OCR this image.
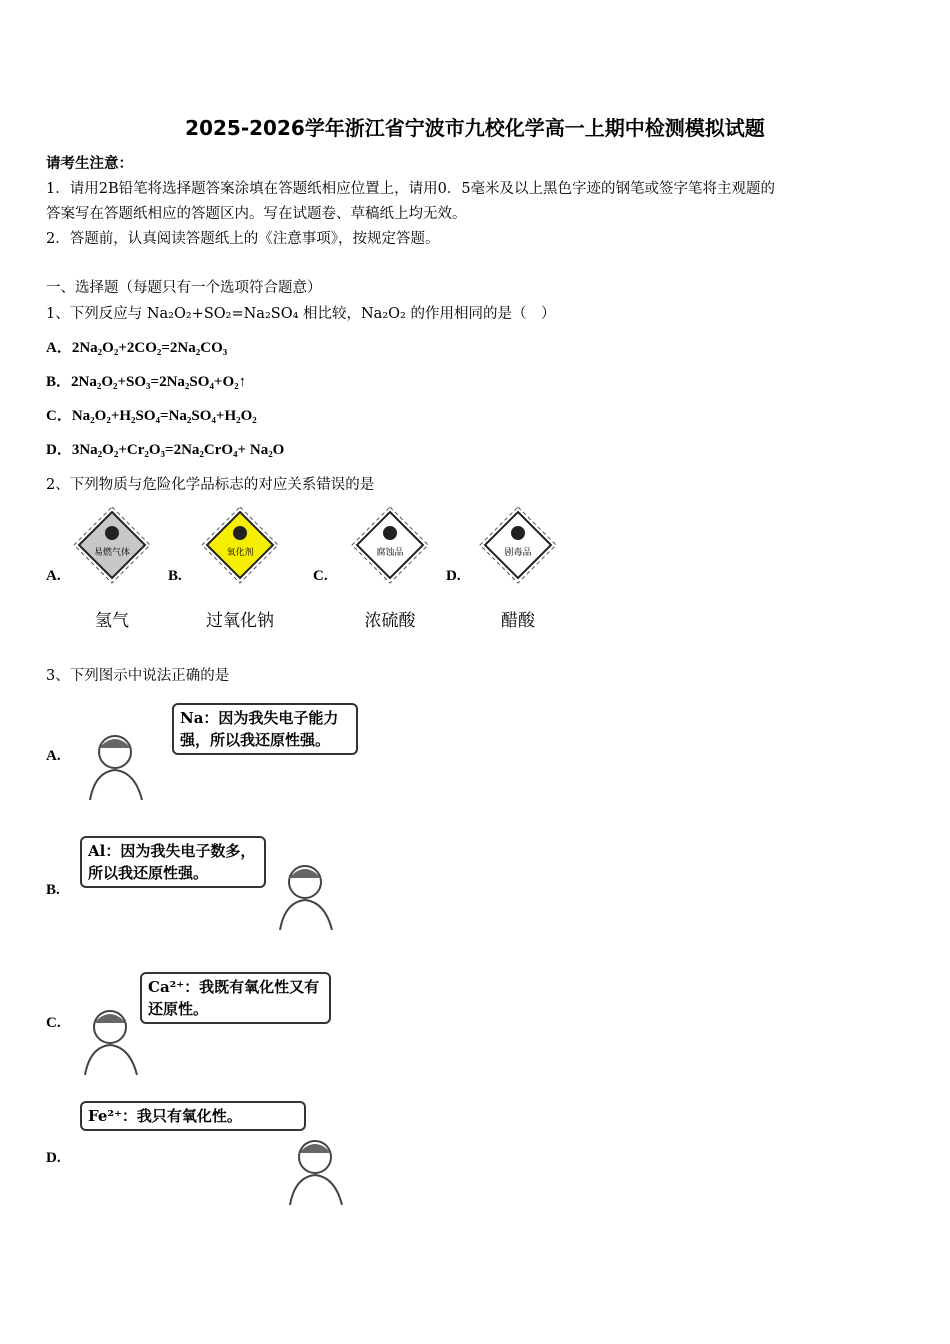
2025-2026学年浙江省宁波市九校化学高一上期中检测模拟试题
请考生注意：
1．请用2B铅笔将选择题答案涂填在答题纸相应位置上，请用0．5毫米及以上黑色字迹的钢笔或签字笔将主观题的
答案写在答题纸相应的答题区内。写在试题卷、草稿纸上均无效。
2．答题前，认真阅读答题纸上的《注意事项》，按规定答题。
一、选择题（每题只有一个选项符合题意）
1、下列反应与 Na₂O₂+SO₂=Na₂SO₄ 相比较，Na₂O₂ 的作用相同的是（　）
A．2Na₂O₂+2CO₂=2Na₂CO₃
B．2Na₂O₂+SO₃=2Na₂SO₄+O₂↑
C．Na₂O₂+H₂SO₄=Na₂SO₄+H₂O₂
D．3Na₂O₂+Cr₂O₃=2Na₂CrO₄+ Na₂O
2、下列物质与危险化学品标志的对应关系错误的是
A.
易燃气体
氢气
B.
氧化剂
过氧化钠
C.
腐蚀品
浓硫酸
D.
剧毒品
醋酸
3、下列图示中说法正确的是
A.
Na：因为我失电子能力强，所以我还原性强。
B.
Al：因为我失电子数多，所以我还原性强。
C.
Ca²⁺：我既有氧化性又有还原性。
D.
Fe²⁺：我只有氧化性。
